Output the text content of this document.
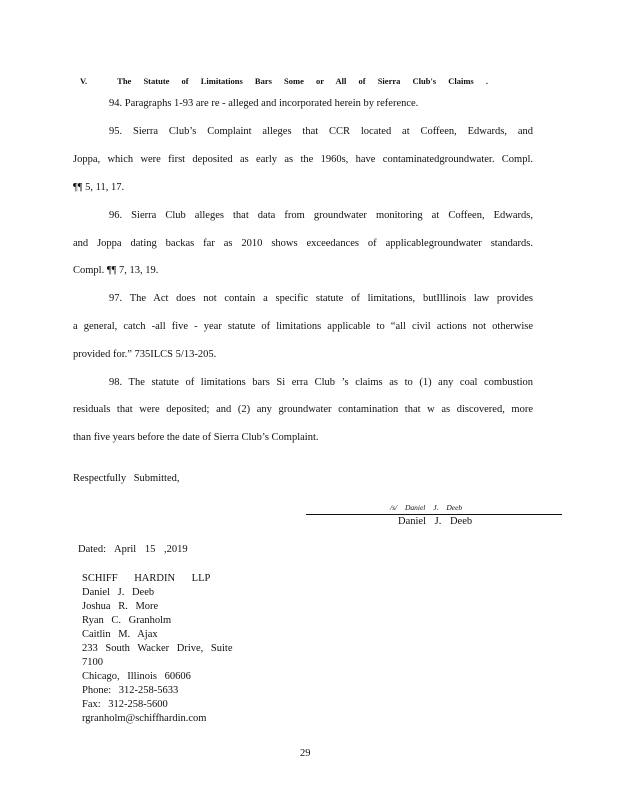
V.	The Statute of Limitations Bars Some or All of Sierra Club's Claims .
94. Paragraphs 1-93 are re - alleged and incorporated herein by reference.
95. Sierra Club’s Complaint alleges that CCR located at Coffeen, Edwards, and
Joppa, which were first deposited as early as the 1960s, have contaminatedgroundwater. Compl.
¶¶ 5, 11, 17.
96. Sierra Club alleges that data from groundwater monitoring at Coffeen, Edwards,
and Joppa dating backas far as 2010 shows exceedances of applicablegroundwater standards.
Compl. ¶¶ 7, 13, 19.
97. The Act does not contain a specific statute of limitations, butIllinois law provides
a general, catch -all five - year statute of limitations applicable to “all civil actions not otherwise
provided for.” 735ILCS 5/13-205.
98. The statute of limitations bars Si erra Club ’s claims as to (1) any coal combustion
residuals that were deposited; and (2) any groundwater contamination that w as discovered, more
than five years before the date of Sierra Club’s Complaint.
Respectfully Submitted,
/s/ Daniel J. Deeb
Daniel J. Deeb
Dated: April 15 ,2019
SCHIFF HARDIN LLP
Daniel J. Deeb
Joshua R. More
Ryan C. Granholm
Caitlin M. Ajax
233 South Wacker Drive, Suite
7100
Chicago, Illinois 60606
Phone: 312-258-5633
Fax: 312-258-5600
rgranholm@schiffhardin.com
29
